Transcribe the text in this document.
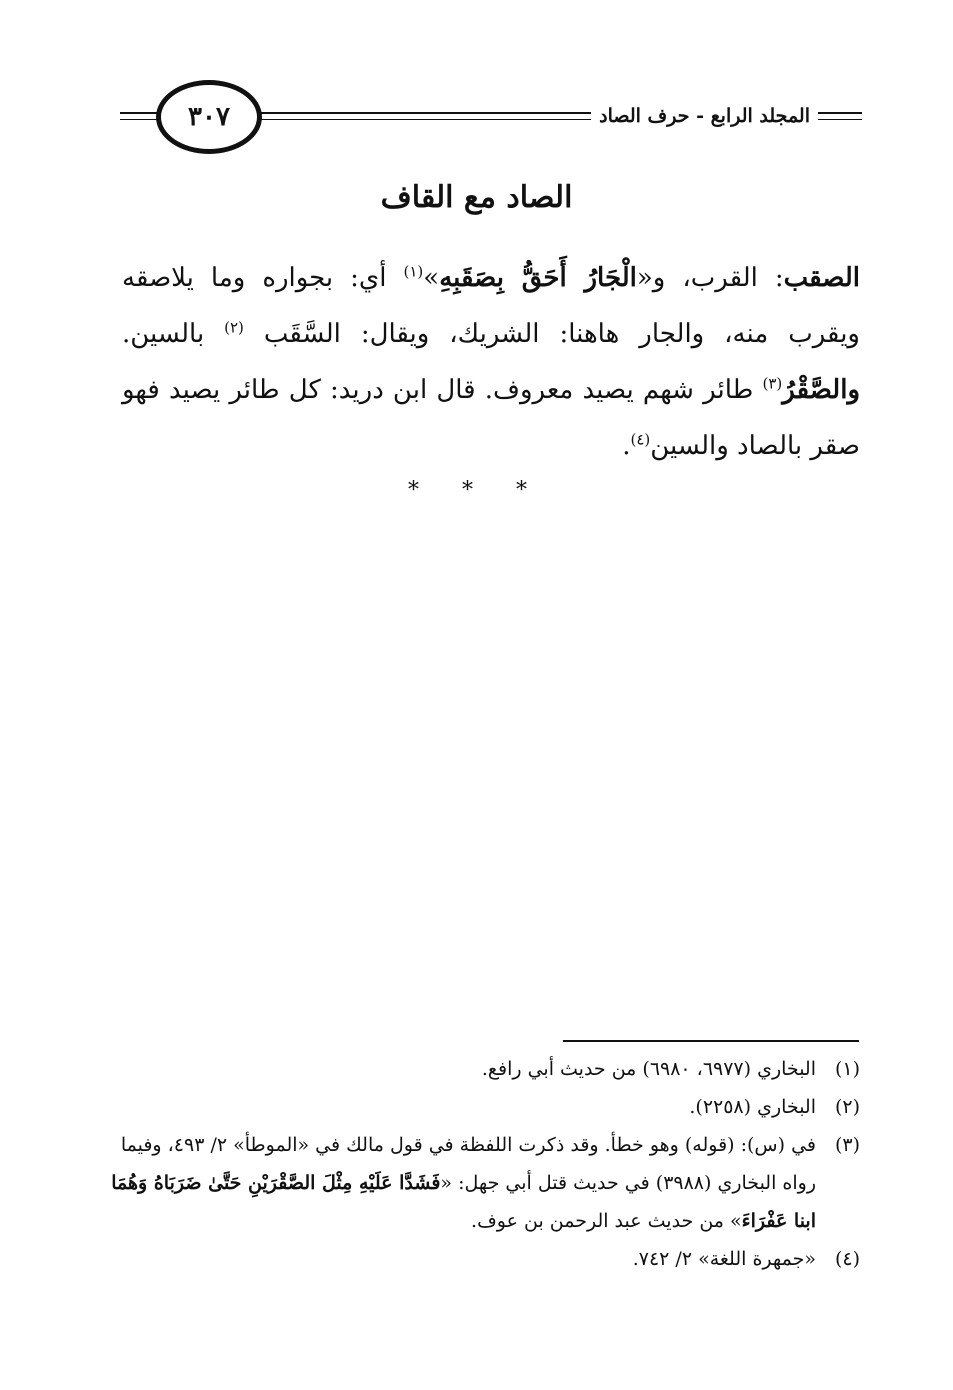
المجلد الرابع - حرف الصاد
٣٠٧
الصاد مع القاف
الصقب: القرب، و«الْجَارُ أَحَقُّ بِصَقَبِهِ»$^{(١)}$ أي: بجواره وما يلاصقه ويقرب منه، والجار هاهنا: الشريك، ويقال: السَّقَب $^{(٢)}$ بالسين. والصَّقْرُ$^{(٣)}$ طائر شهم يصيد معروف. قال ابن دريد: كل طائر يصيد فهو صقر بالصاد والسين$^{(٤)}$.
* * *
(١)
البخاري (٦٩٧٧، ٦٩٨٠) من حديث أبي رافع.
(٢)
البخاري (٢٢٥٨).
(٣)
في (س): (قوله) وهو خطأ. وقد ذكرت اللفظة في قول مالك في «الموطأ» ٢/ ٤٩٣، وفيما رواه البخاري (٣٩٨٨) في حديث قتل أبي جهل: «فَشَدَّا عَلَيْهِ مِثْلَ الصَّقْرَيْنِ حَتَّىٰ ضَرَبَاهُ وَهُمَا ابنا عَفْرَاءَ» من حديث عبد الرحمن بن عوف.
(٤)
«جمهرة اللغة» ٢/ ٧٤٢.
